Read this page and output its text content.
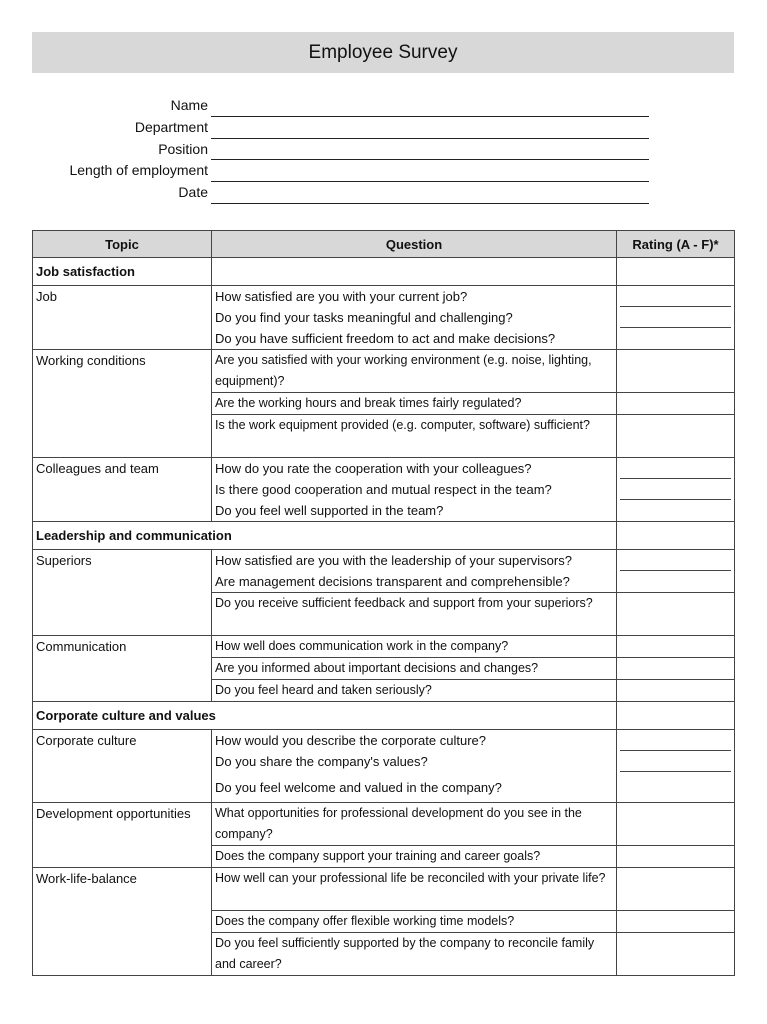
Employee Survey
Name
Department
Position
Length of employment
Date
Topic	Question	Rating (A - F)*
Job satisfaction		
Job	How satisfied are you with your current job?
Do you find your tasks meaningful and challenging?
Do you have sufficient freedom to act and make decisions?	

Working conditions	Are you satisfied with your working environment (e.g. noise, lighting, equipment)?	
	Are the working hours and break times fairly regulated?	
	Is the work equipment provided (e.g. computer, software) sufficient?	
Colleagues and team	How do you rate the cooperation with your colleagues?
Is there good cooperation and mutual respect in the team?
Do you feel well supported in the team?	

Leadership and communication		
Superiors	How satisfied are you with the leadership of your supervisors?
Are management decisions transparent and comprehensible?	

	Do you receive sufficient feedback and support from your superiors?	
Communication	How well does communication work in the company?	
	Are you informed about important decisions and changes?	
	Do you feel heard and taken seriously?	
Corporate culture and values		
Corporate culture	How would you describe the corporate culture?
Do you share the company's values?
Do you feel welcome and valued in the company?	

Development opportunities	What opportunities for professional development do you see in the company?	
	Does the company support your training and career goals?	
Work-life-balance	How well can your professional life be reconciled with your private life?	
	Does the company offer flexible working time models?	
	Do you feel sufficiently supported by the company to reconcile family and career?	
